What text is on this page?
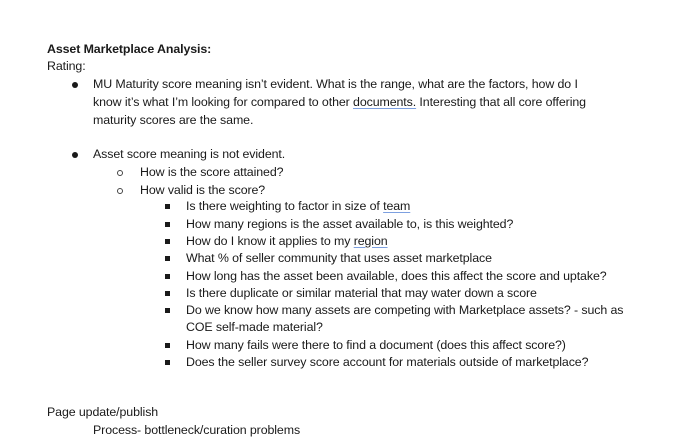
Asset Marketplace Analysis:
Rating:
MU Maturity score meaning isn’t evident. What is the range, what are the factors, how do I
know it’s what I’m looking for compared to other documents. Interesting that all core offering
maturity scores are the same.
Asset score meaning is not evident.
How is the score attained?
How valid is the score?
Is there weighting to factor in size of team
How many regions is the asset available to, is this weighted?
How do I know it applies to my region
What % of seller community that uses asset marketplace
How long has the asset been available, does this affect the score and uptake?
Is there duplicate or similar material that may water down a score
Do we know how many assets are competing with Marketplace assets? - such as
COE self-made material?
How many fails were there to find a document (does this affect score?)
Does the seller survey score account for materials outside of marketplace?
Page update/publish
Process- bottleneck/curation problems
